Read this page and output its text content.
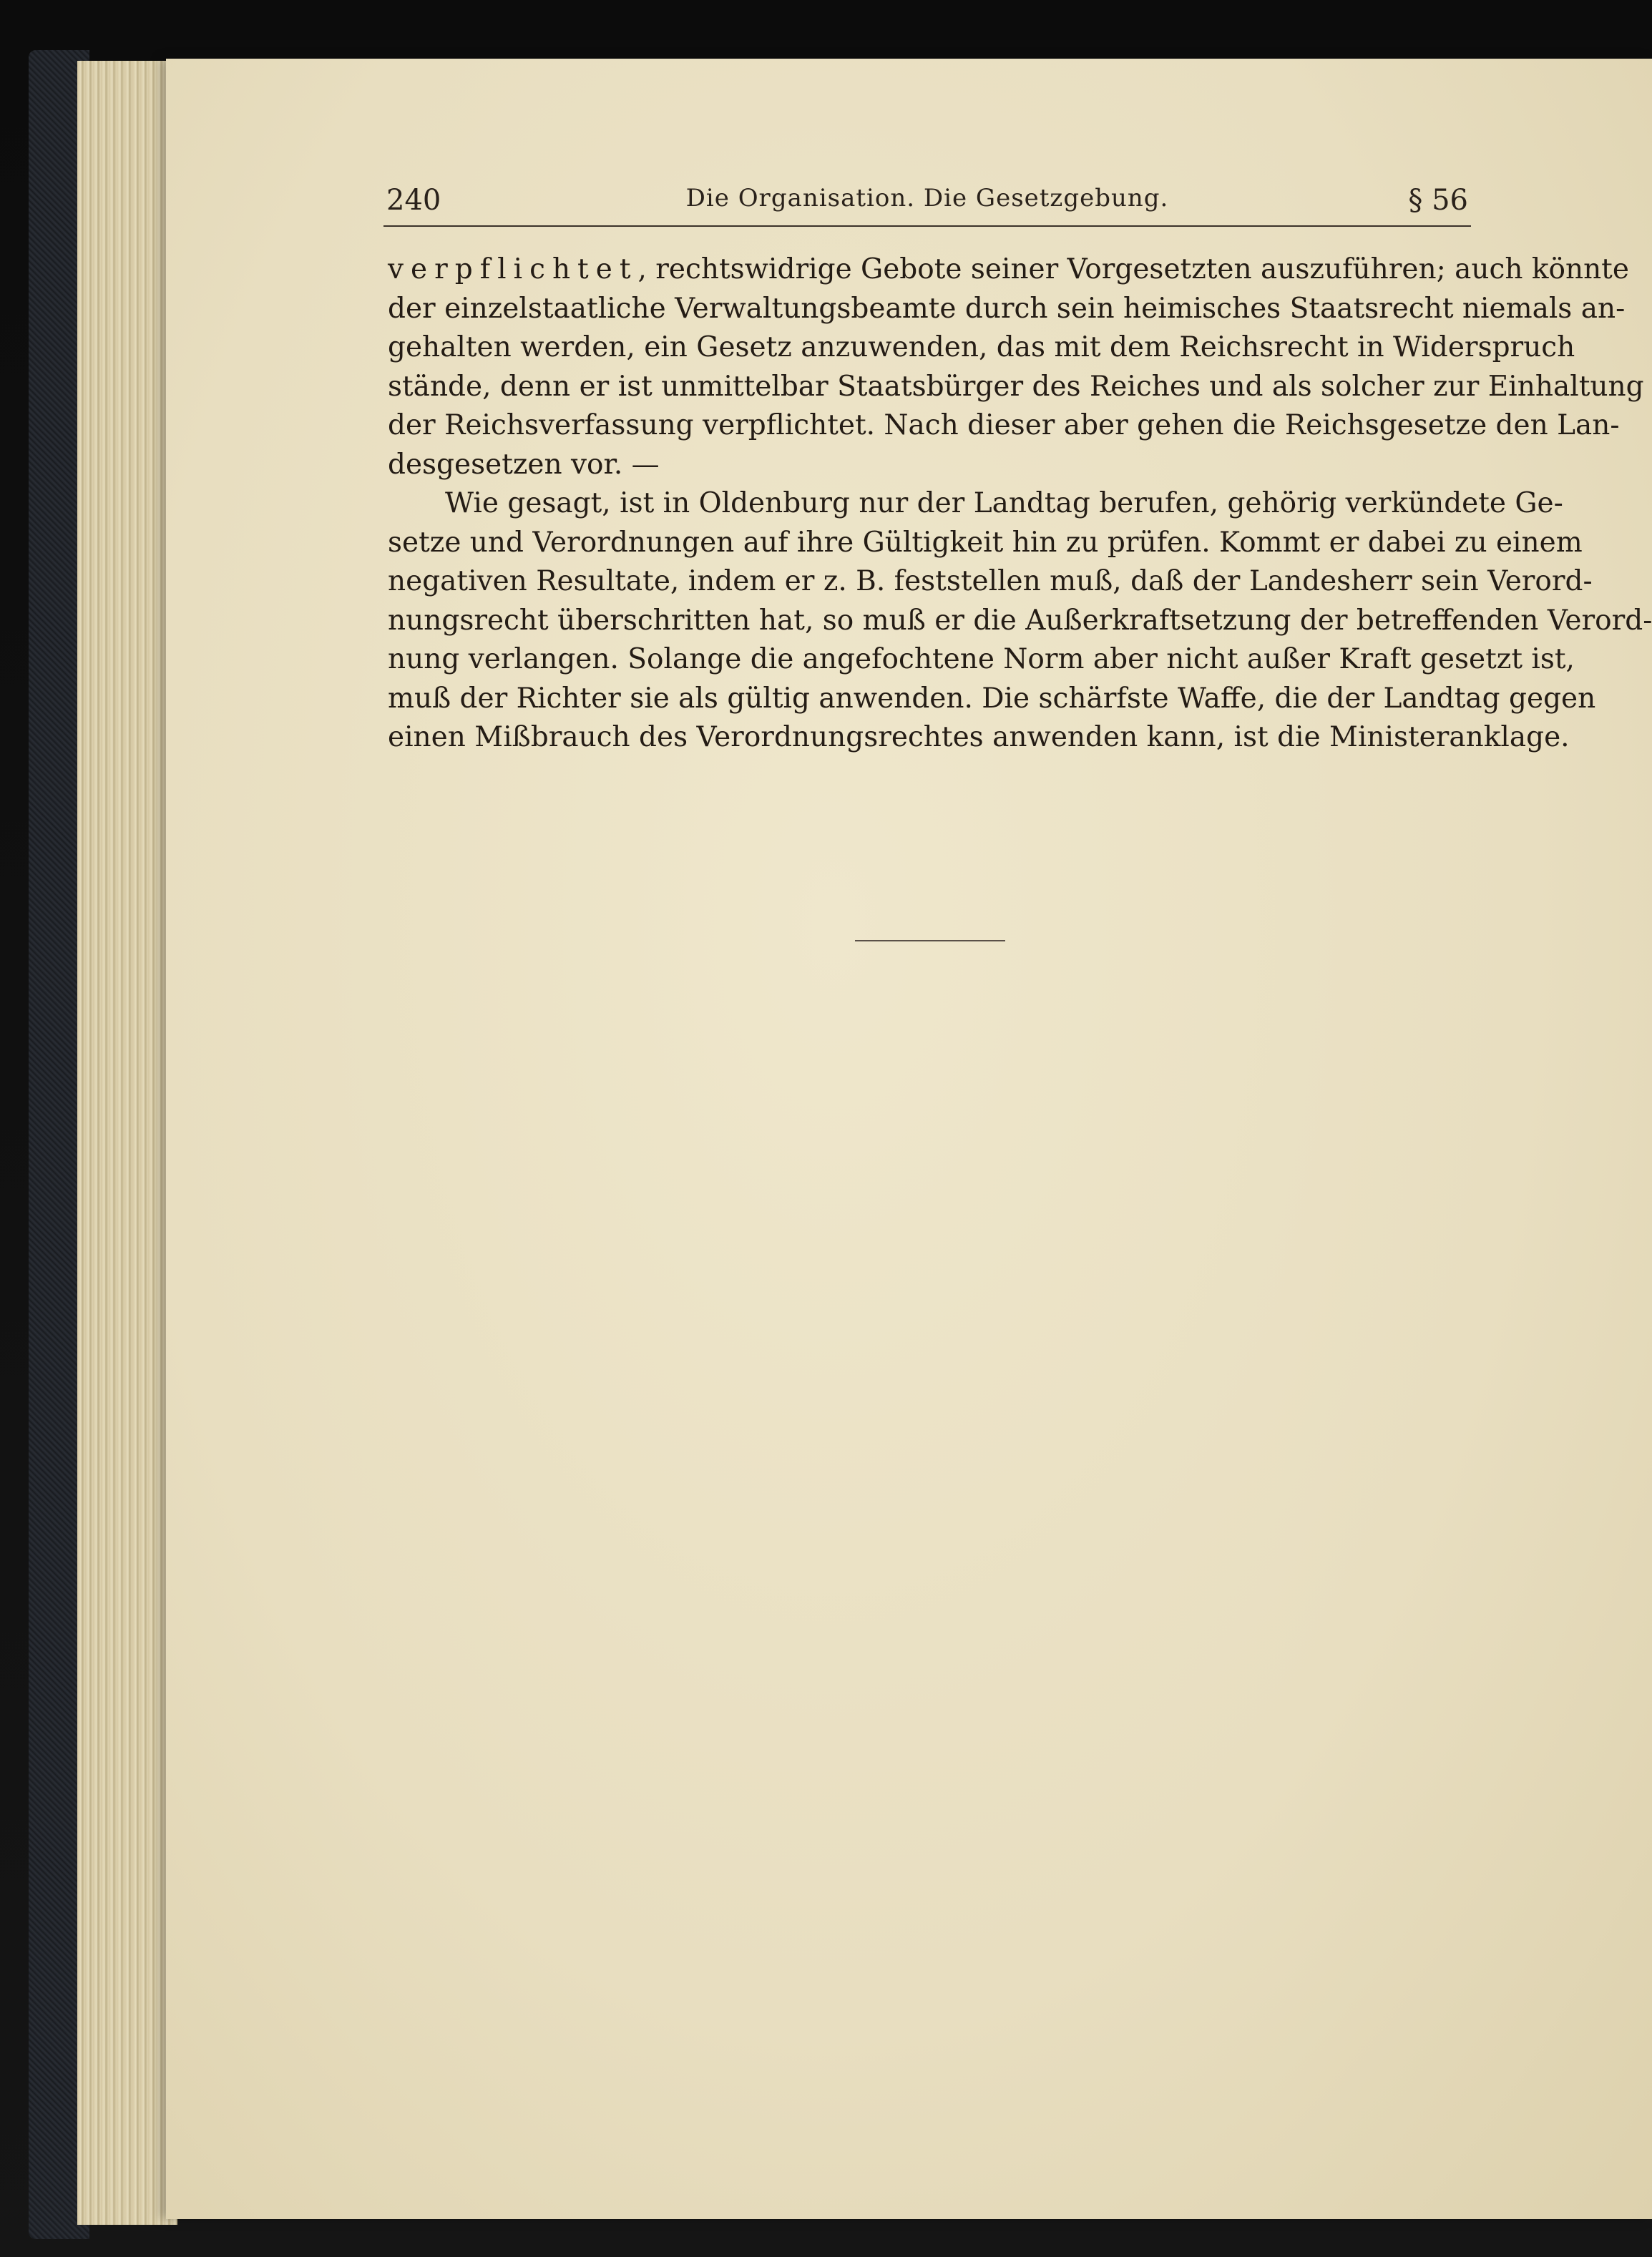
240	Die Organisation. Die Gesetzgebung.	§ 56
verpflichtet, rechtswidrige Gebote seiner Vorgesetzten auszuführen; auch könnte
der einzelstaatliche Verwaltungsbeamte durch sein heimisches Staatsrecht niemals an-
gehalten werden, ein Gesetz anzuwenden, das mit dem Reichsrecht in Widerspruch
stände, denn er ist unmittelbar Staatsbürger des Reiches und als solcher zur Einhaltung
der Reichsverfassung verpflichtet. Nach dieser aber gehen die Reichsgesetze den Lan-
desgesetzen vor. —
Wie gesagt, ist in Oldenburg nur der Landtag berufen, gehörig verkündete Ge-
setze und Verordnungen auf ihre Gültigkeit hin zu prüfen. Kommt er dabei zu einem
negativen Resultate, indem er z. B. feststellen muß, daß der Landesherr sein Verord-
nungsrecht überschritten hat, so muß er die Außerkraftsetzung der betreffenden Verord-
nung verlangen. Solange die angefochtene Norm aber nicht außer Kraft gesetzt ist,
muß der Richter sie als gültig anwenden. Die schärfste Waffe, die der Landtag gegen
einen Mißbrauch des Verordnungsrechtes anwenden kann, ist die Ministeranklage.
